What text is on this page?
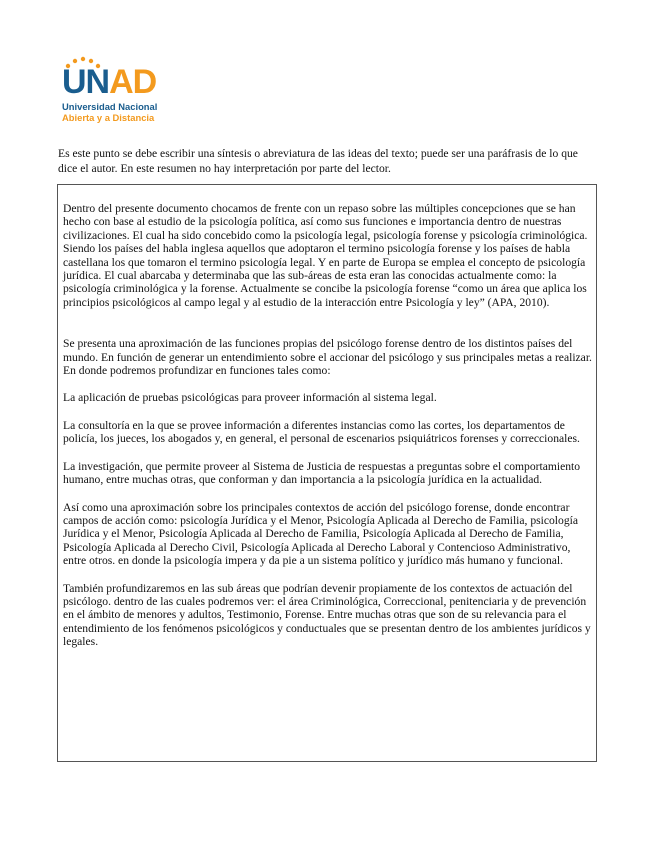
UNAD
Universidad Nacional
Abierta y a Distancia

Es este punto se debe escribir una síntesis o abreviatura de las ideas del texto; puede ser una paráfrasis de lo que dice el autor. En este resumen no hay interpretación por parte del lector.

Dentro del presente documento chocamos de frente con un repaso sobre las múltiples concepciones que se han hecho con base al estudio de la psicología política, así como sus funciones e importancia dentro de nuestras civilizaciones. El cual ha sido concebido como la psicología legal, psicología forense y psicología criminológica. Siendo los países del habla inglesa aquellos que adoptaron el termino psicología forense y los países de habla castellana los que tomaron el termino psicología legal. Y en parte de Europa se emplea el concepto de psicología jurídica. El cual abarcaba y determinaba que las sub-áreas de esta eran las conocidas actualmente como: la psicología criminológica y la forense. Actualmente se concibe la psicología forense “como un área que aplica los principios psicológicos al campo legal y al estudio de la interacción entre Psicología y ley” (APA, 2010).

Se presenta una aproximación de las funciones propias del psicólogo forense dentro de los distintos países del mundo. En función de generar un entendimiento sobre el accionar del psicólogo y sus principales metas a realizar. En donde podremos profundizar en funciones tales como:

La aplicación de pruebas psicológicas para proveer información al sistema legal.

La consultoría en la que se provee información a diferentes instancias como las cortes, los departamentos de policía, los jueces, los abogados y, en general, el personal de escenarios psiquiátricos forenses y correccionales.

La investigación, que permite proveer al Sistema de Justicia de respuestas a preguntas sobre el comportamiento humano, entre muchas otras, que conforman y dan importancia a la psicología jurídica en la actualidad.

Así como una aproximación sobre los principales contextos de acción del psicólogo forense, donde encontrar campos de acción como: psicología Jurídica y el Menor, Psicología Aplicada al Derecho de Familia, psicología Jurídica y el Menor, Psicología Aplicada al Derecho de Familia, Psicología Aplicada al Derecho de Familia, Psicología Aplicada al Derecho Civil, Psicología Aplicada al Derecho Laboral y Contencioso Administrativo, entre otros. en donde la psicología impera y da pie a un sistema político y jurídico más humano y funcional.

También profundizaremos en las sub áreas que podrían devenir propiamente de los contextos de actuación del psicólogo. dentro de las cuales podremos ver: el área Criminológica, Correccional, penitenciaria y de prevención en el ámbito de menores y adultos, Testimonio, Forense. Entre muchas otras que son de su relevancia para el entendimiento de los fenómenos psicológicos y conductuales que se presentan dentro de los ambientes jurídicos y legales.
